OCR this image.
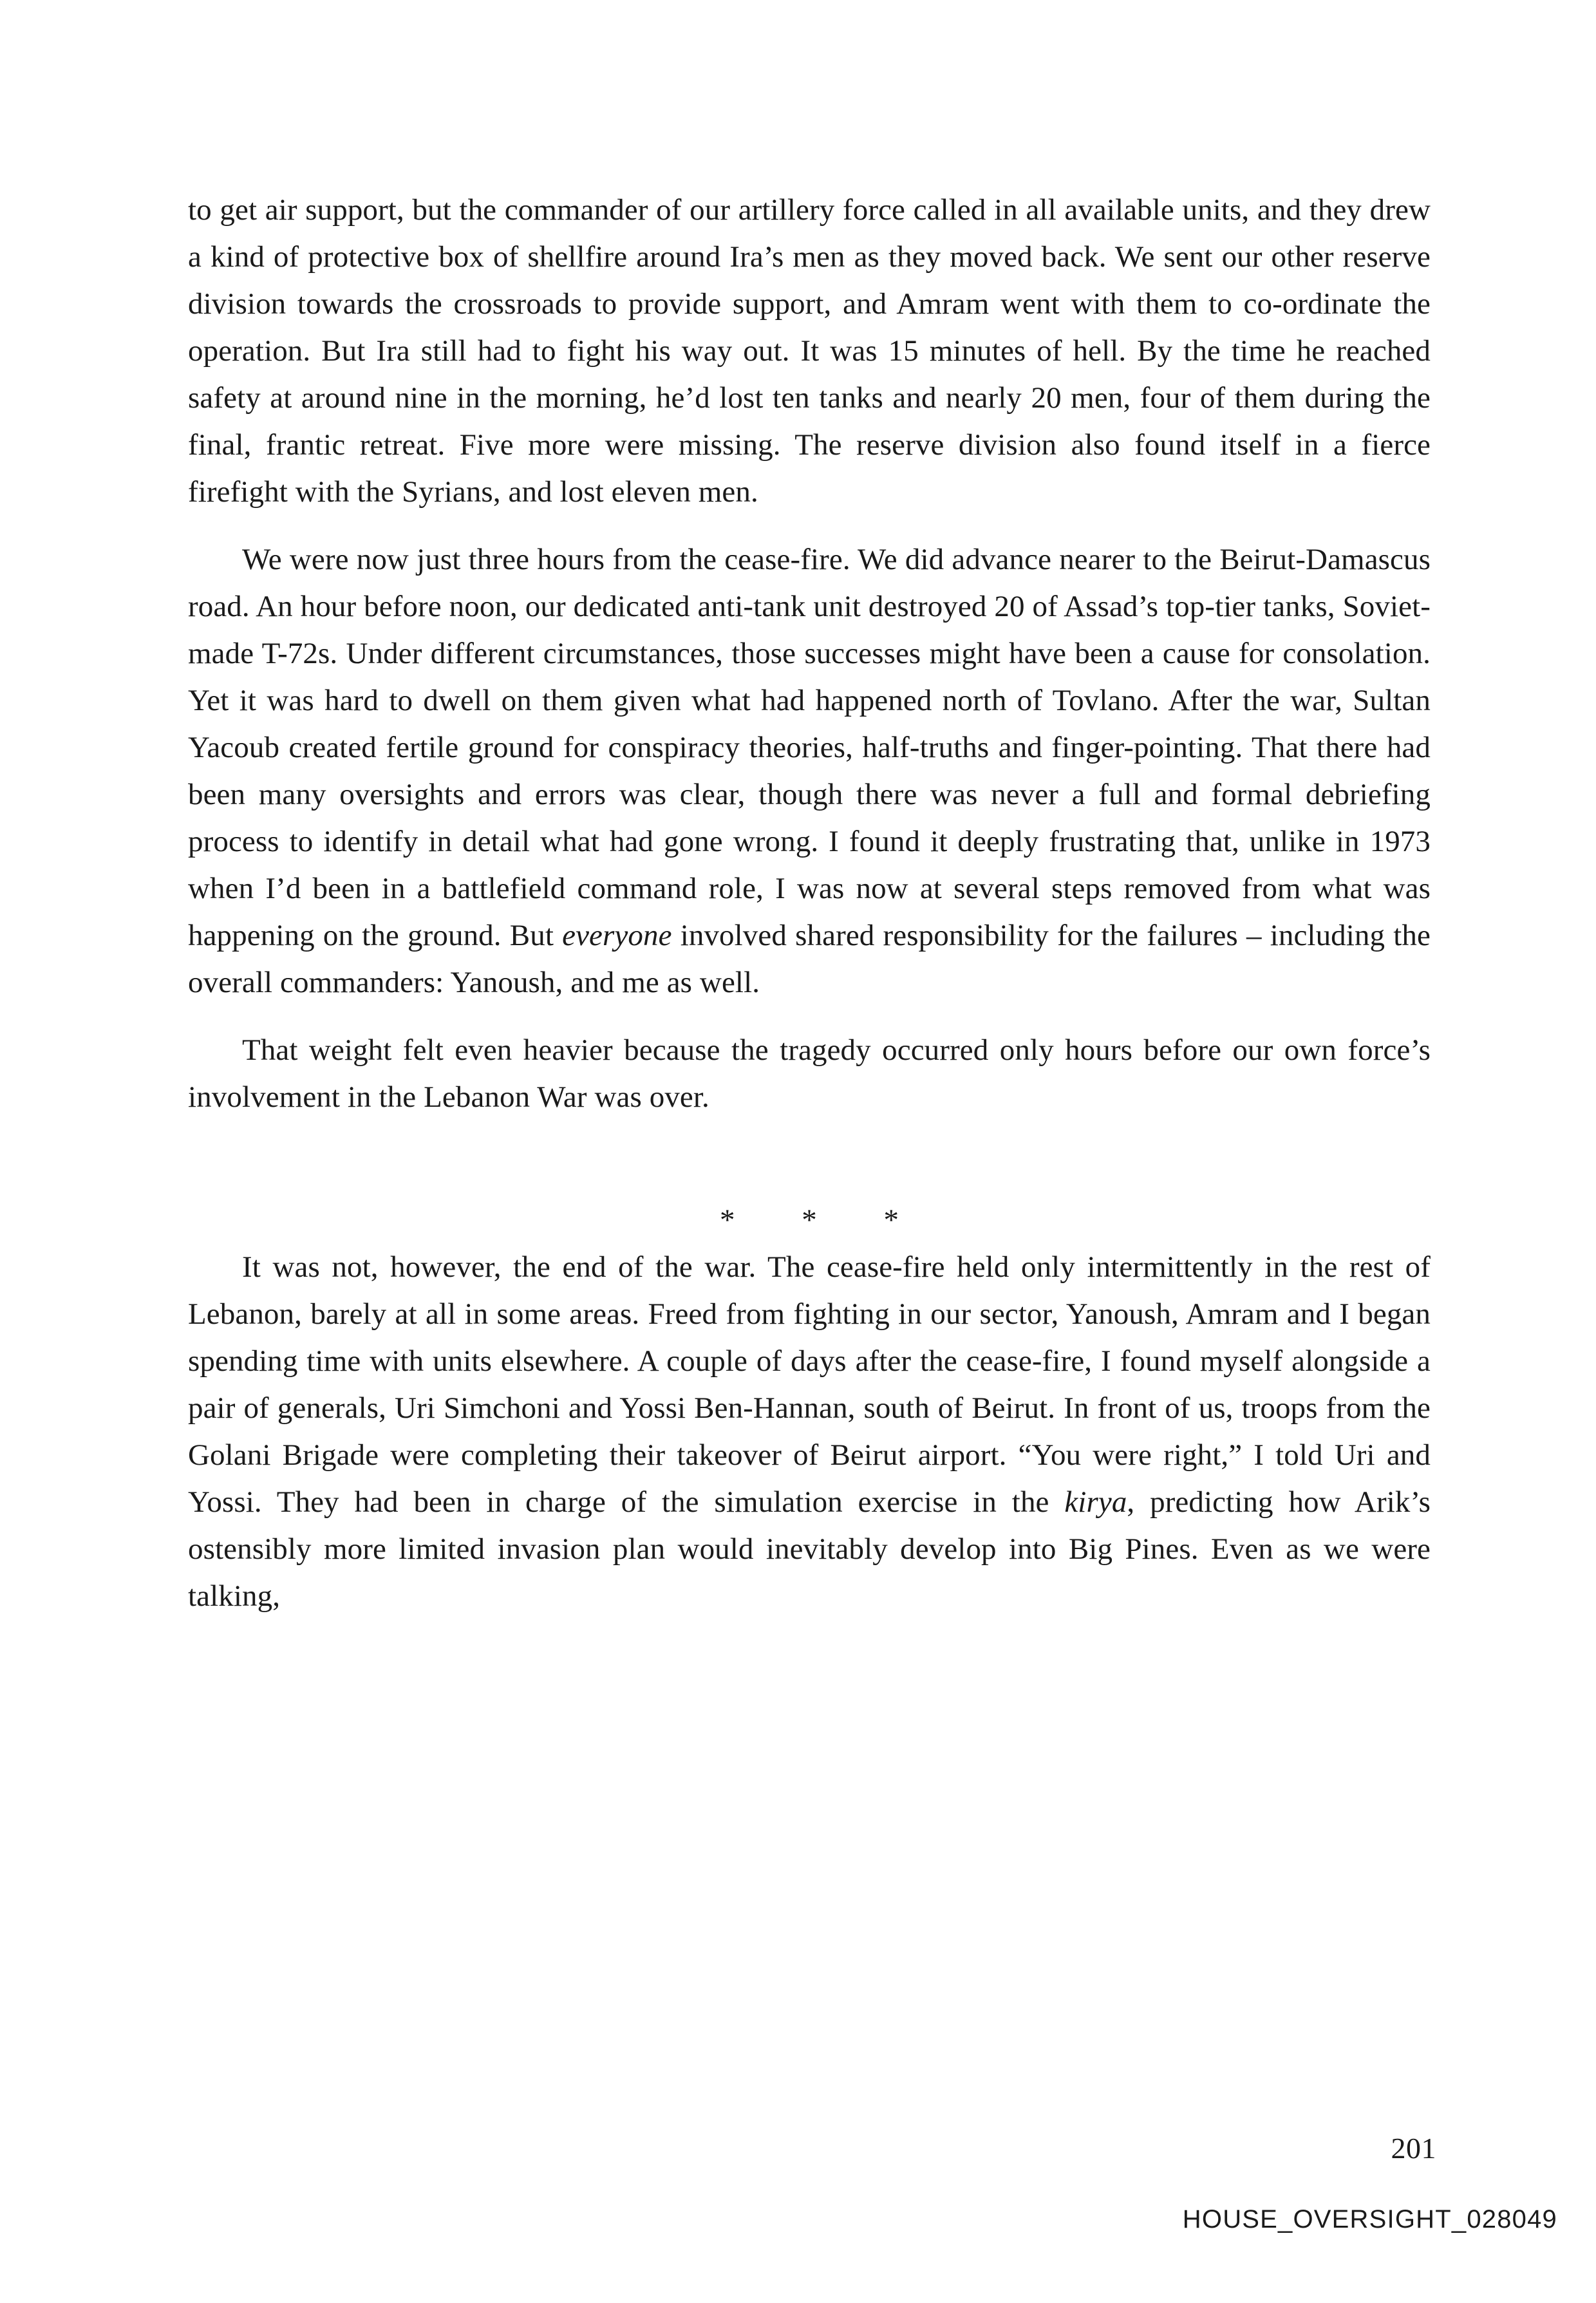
to get air support, but the commander of our artillery force called in all available units, and they drew a kind of protective box of shellfire around Ira’s men as they moved back. We sent our other reserve division towards the crossroads to provide support, and Amram went with them to co-ordinate the operation. But Ira still had to fight his way out. It was 15 minutes of hell. By the time he reached safety at around nine in the morning, he’d lost ten tanks and nearly 20 men, four of them during the final, frantic retreat. Five more were missing. The reserve division also found itself in a fierce firefight with the Syrians, and lost eleven men.

We were now just three hours from the cease-fire. We did advance nearer to the Beirut-Damascus road. An hour before noon, our dedicated anti-tank unit destroyed 20 of Assad’s top-tier tanks, Soviet-made T-72s. Under different circumstances, those successes might have been a cause for consolation. Yet it was hard to dwell on them given what had happened north of Tovlano. After the war, Sultan Yacoub created fertile ground for conspiracy theories, half-truths and finger-pointing. That there had been many oversights and errors was clear, though there was never a full and formal debriefing process to identify in detail what had gone wrong. I found it deeply frustrating that, unlike in 1973 when I’d been in a battlefield command role, I was now at several steps removed from what was happening on the ground. But everyone involved shared responsibility for the failures – including the overall commanders: Yanoush, and me as well.

That weight felt even heavier because the tragedy occurred only hours before our own force’s involvement in the Lebanon War was over.

* * *

It was not, however, the end of the war. The cease-fire held only intermittently in the rest of Lebanon, barely at all in some areas. Freed from fighting in our sector, Yanoush, Amram and I began spending time with units elsewhere. A couple of days after the cease-fire, I found myself alongside a pair of generals, Uri Simchoni and Yossi Ben-Hannan, south of Beirut. In front of us, troops from the Golani Brigade were completing their takeover of Beirut airport. “You were right,” I told Uri and Yossi. They had been in charge of the simulation exercise in the kirya, predicting how Arik’s ostensibly more limited invasion plan would inevitably develop into Big Pines. Even as we were talking,

201
HOUSE_OVERSIGHT_028049
